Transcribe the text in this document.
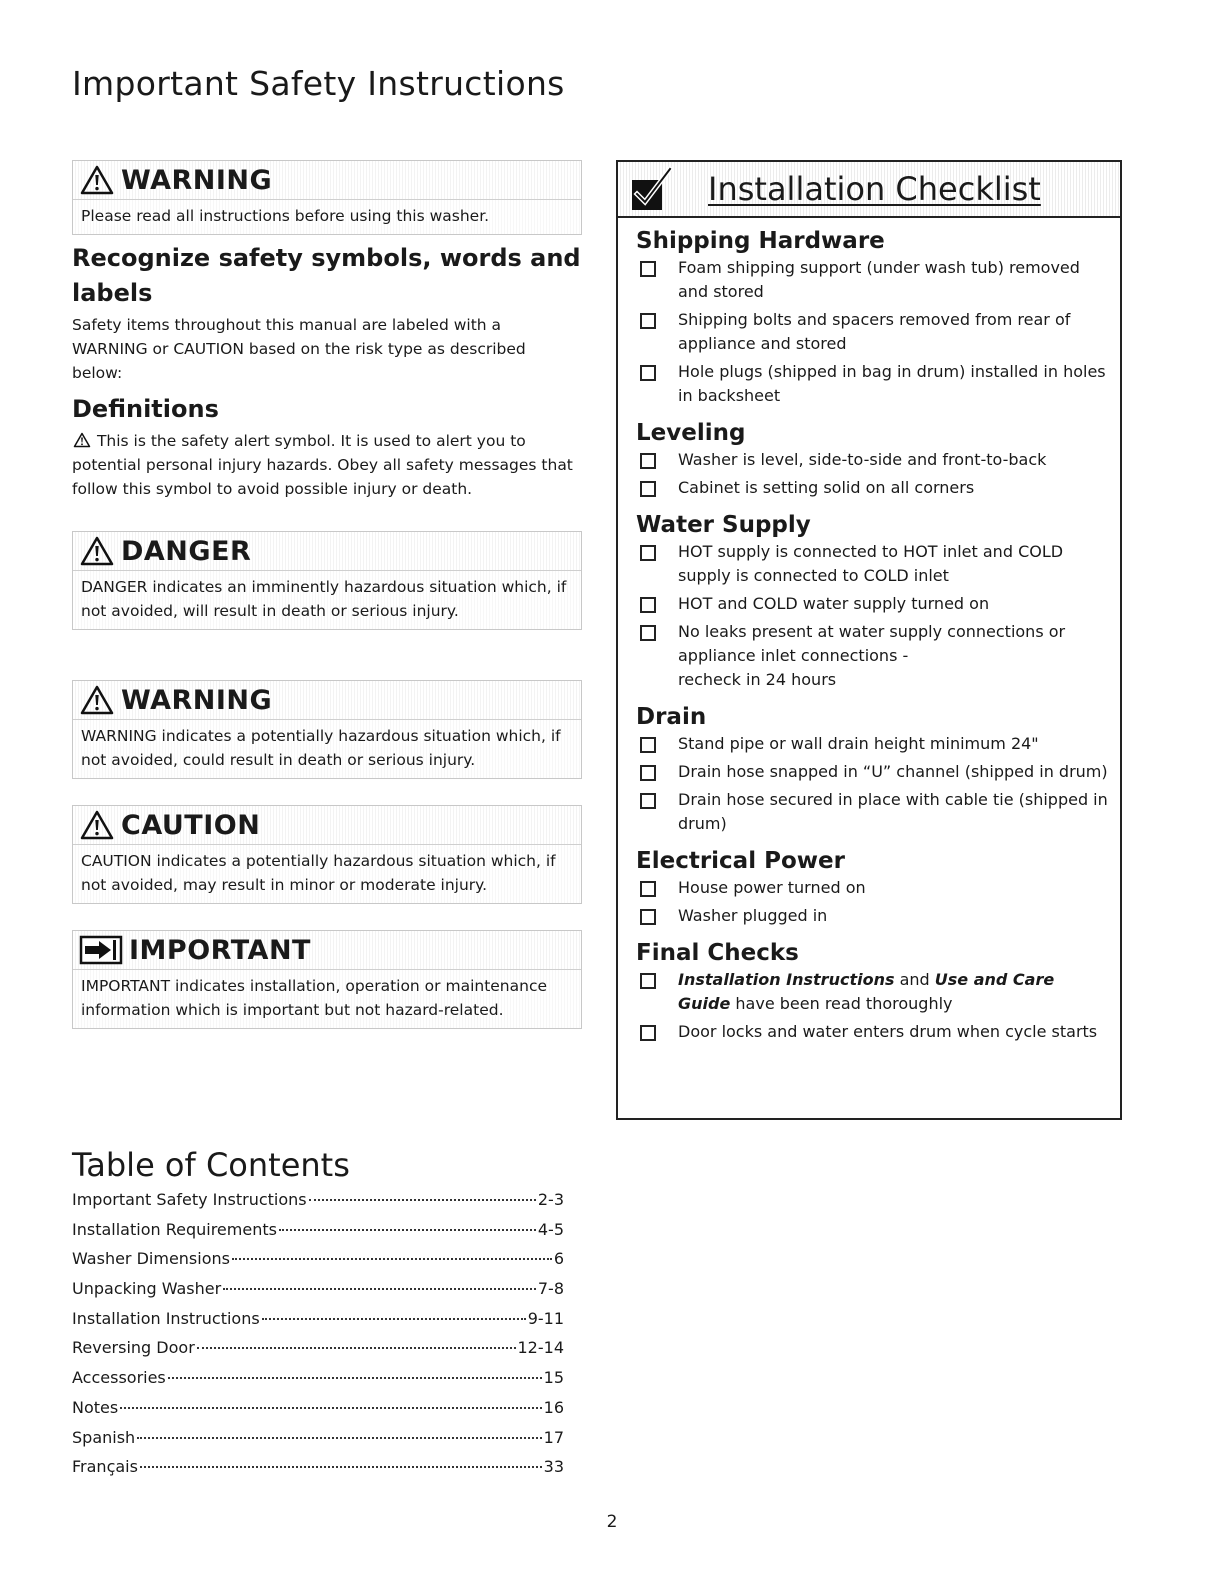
Important Safety Instructions
WARNING
Please read all instructions before using this washer.
Recognize safety symbols, words and labels

Safety items throughout this manual are labeled with a WARNING or CAUTION based on the risk type as described below:

Definitions

This is the safety alert symbol. It is used to alert you to potential personal injury hazards. Obey all safety messages that follow this symbol to avoid possible injury or death.

DANGER
DANGER indicates an imminently hazardous situation which, if not avoided, will result in death or serious injury.
WARNING
WARNING indicates a potentially hazardous situation which, if not avoided, could result in death or serious injury.
CAUTION
CAUTION indicates a potentially hazardous situation which, if not avoided, may result in minor or moderate injury.
IMPORTANT
IMPORTANT indicates installation, operation or maintenance information which is important but not hazard-related.
Table of Contents
Important Safety Instructions	2-3
Installation Requirements	4-5
Washer Dimensions	6
Unpacking Washer	7-8
Installation Instructions	9-11
Reversing Door	12-14
Accessories	15
Notes	16
Spanish	17
Français	33
Installation Checklist
Shipping Hardware
Foam shipping support (under wash tub) removed and stored
Shipping bolts and spacers removed from rear of appliance and stored
Hole plugs (shipped in bag in drum) installed in holes in backsheet
Leveling
Washer is level, side-to-side and front-to-back
Cabinet is setting solid on all corners
Water Supply
HOT supply is connected to HOT inlet and COLD supply is connected to COLD inlet
HOT and COLD water supply turned on
No leaks present at water supply connections or appliance inlet connections -
recheck in 24 hours
Drain
Stand pipe or wall drain height minimum 24"
Drain hose snapped in “U” channel (shipped in drum)
Drain hose secured in place with cable tie (shipped in drum)
Electrical Power
House power turned on
Washer plugged in
Final Checks
Installation Instructions and Use and Care Guide have been read thoroughly
Door locks and water enters drum when cycle starts
2
